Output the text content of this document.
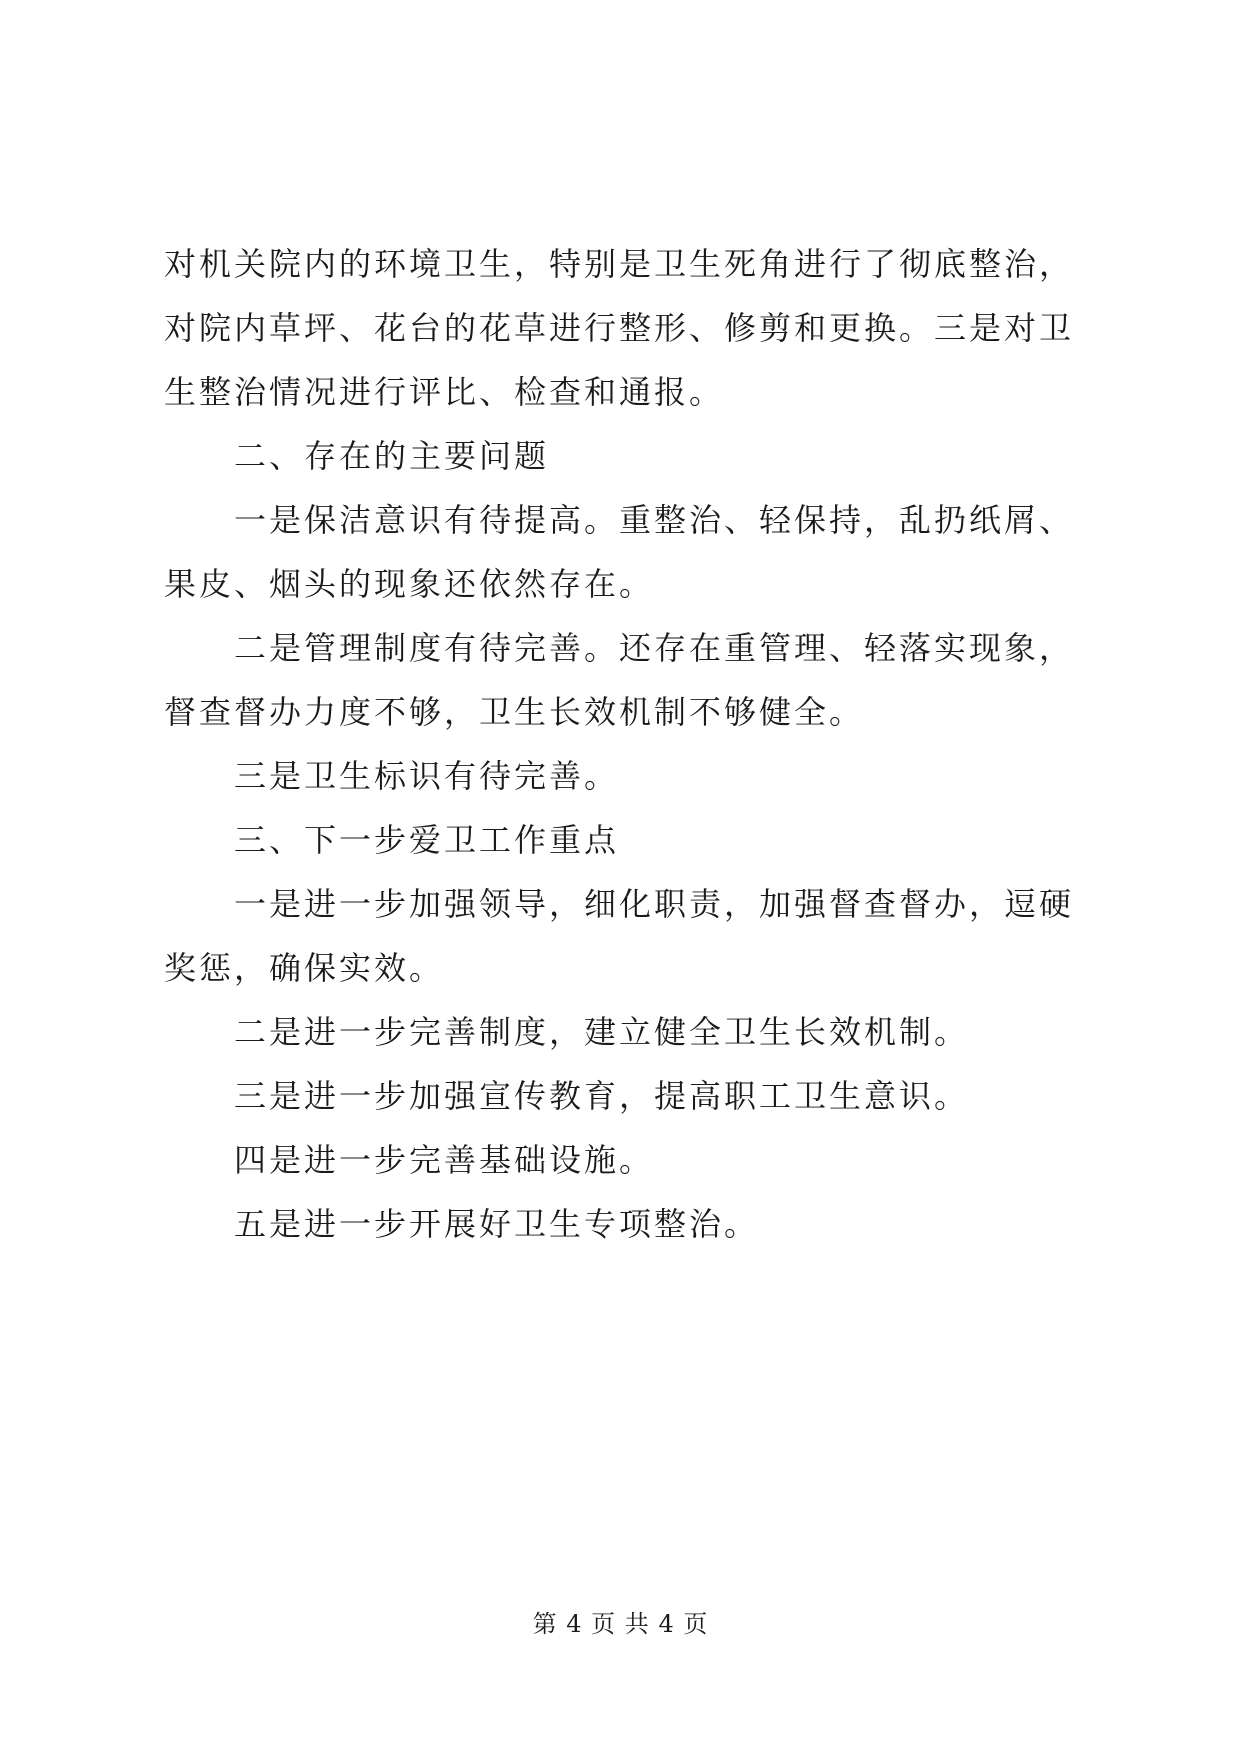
对机关院内的环境卫生，特别是卫生死角进行了彻底整治，对院内草坪、花台的花草进行整形、修剪和更换。三是对卫生整治情况进行评比、检查和通报。

二、存在的主要问题

一是保洁意识有待提高。重整治、轻保持，乱扔纸屑、果皮、烟头的现象还依然存在。

二是管理制度有待完善。还存在重管理、轻落实现象，督查督办力度不够，卫生长效机制不够健全。

三是卫生标识有待完善。

三、下一步爱卫工作重点

一是进一步加强领导，细化职责，加强督查督办，逗硬奖惩，确保实效。

二是进一步完善制度，建立健全卫生长效机制。

三是进一步加强宣传教育，提高职工卫生意识。

四是进一步完善基础设施。

五是进一步开展好卫生专项整治。

第 4 页 共 4 页
